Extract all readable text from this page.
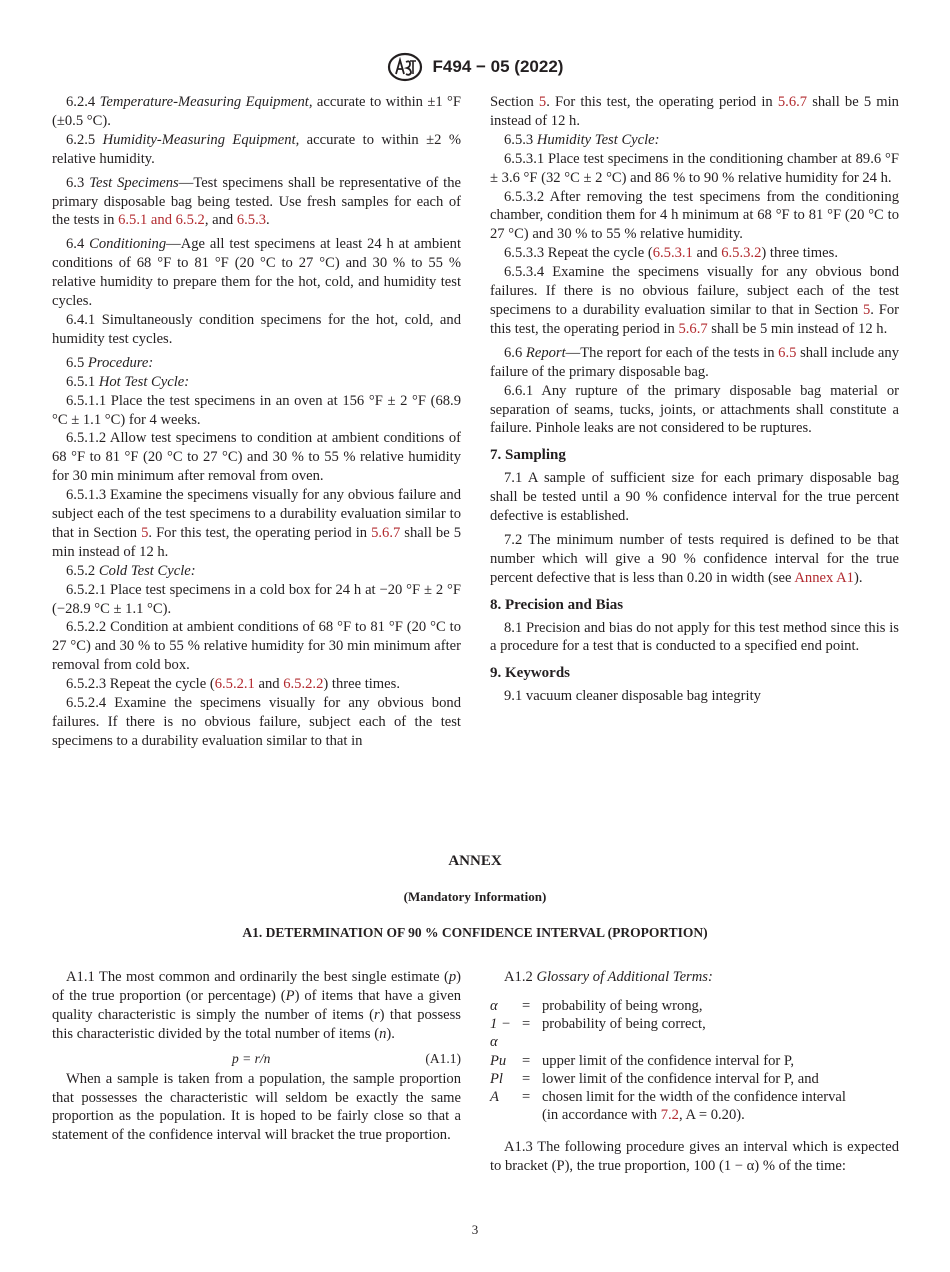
F494 − 05 (2022)

6.2.4 Temperature-Measuring Equipment, accurate to within ±1 °F (±0.5 °C).

6.2.5 Humidity-Measuring Equipment, accurate to within ±2 % relative humidity.

6.3 Test Specimens—Test specimens shall be representative of the primary disposable bag being tested. Use fresh samples for each of the tests in 6.5.1 and 6.5.2, and 6.5.3.

6.4 Conditioning—Age all test specimens at least 24 h at ambient conditions of 68 °F to 81 °F (20 °C to 27 °C) and 30 % to 55 % relative humidity to prepare them for the hot, cold, and humidity test cycles.

6.4.1 Simultaneously condition specimens for the hot, cold, and humidity test cycles.

6.5 Procedure:

6.5.1 Hot Test Cycle:

6.5.1.1 Place the test specimens in an oven at 156 °F ± 2 °F (68.9 °C ± 1.1 °C) for 4 weeks.

6.5.1.2 Allow test specimens to condition at ambient conditions of 68 °F to 81 °F (20 °C to 27 °C) and 30 % to 55 % relative humidity for 30 min minimum after removal from oven.

6.5.1.3 Examine the specimens visually for any obvious failure and subject each of the test specimens to a durability evaluation similar to that in Section 5. For this test, the operating period in 5.6.7 shall be 5 min instead of 12 h.

6.5.2 Cold Test Cycle:

6.5.2.1 Place test specimens in a cold box for 24 h at −20 °F ± 2 °F (−28.9 °C ± 1.1 °C).

6.5.2.2 Condition at ambient conditions of 68 °F to 81 °F (20 °C to 27 °C) and 30 % to 55 % relative humidity for 30 min minimum after removal from cold box.

6.5.2.3 Repeat the cycle (6.5.2.1 and 6.5.2.2) three times.

6.5.2.4 Examine the specimens visually for any obvious bond failures. If there is no obvious failure, subject each of the test specimens to a durability evaluation similar to that in

Section 5. For this test, the operating period in 5.6.7 shall be 5 min instead of 12 h.

6.5.3 Humidity Test Cycle:

6.5.3.1 Place test specimens in the conditioning chamber at 89.6 °F ± 3.6 °F (32 °C ± 2 °C) and 86 % to 90 % relative humidity for 24 h.

6.5.3.2 After removing the test specimens from the conditioning chamber, condition them for 4 h minimum at 68 °F to 81 °F (20 °C to 27 °C) and 30 % to 55 % relative humidity.

6.5.3.3 Repeat the cycle (6.5.3.1 and 6.5.3.2) three times.

6.5.3.4 Examine the specimens visually for any obvious bond failures. If there is no obvious failure, subject each of the test specimens to a durability evaluation similar to that in Section 5. For this test, the operating period in 5.6.7 shall be 5 min instead of 12 h.

6.6 Report—The report for each of the tests in 6.5 shall include any failure of the primary disposable bag.

6.6.1 Any rupture of the primary disposable bag material or separation of seams, tucks, joints, or attachments shall constitute a failure. Pinhole leaks are not considered to be ruptures.

7. Sampling

7.1 A sample of sufficient size for each primary disposable bag shall be tested until a 90 % confidence interval for the true percent defective is established.

7.2 The minimum number of tests required is defined to be that number which will give a 90 % confidence interval for the true percent defective that is less than 0.20 in width (see Annex A1).

8. Precision and Bias

8.1 Precision and bias do not apply for this test method since this is a procedure for a test that is conducted to a specified end point.

9. Keywords

9.1 vacuum cleaner disposable bag integrity

ANNEX
(Mandatory Information)
A1. DETERMINATION OF 90 % CONFIDENCE INTERVAL (PROPORTION)

A1.1 The most common and ordinarily the best single estimate (p) of the true proportion (or percentage) (P) of items that have a given quality characteristic is simply the number of items (r) that possess this characteristic divided by the total number of items (n).

p = r/n	(A1.1)

When a sample is taken from a population, the sample proportion that possesses the characteristic will seldom be exactly the same proportion as the population. It is hoped to be fairly close so that a statement of the confidence interval will bracket the true proportion.

A1.2 Glossary of Additional Terms:

α	= probability of being wrong,
1 − α
= probability of being correct,
Pu	= upper limit of the confidence interval for P,
Pl	= lower limit of the confidence interval for P, and
A	= chosen limit for the width of the confidence interval
(in accordance with 7.2, A = 0.20).

A1.3 The following procedure gives an interval which is expected to bracket (P), the true proportion, 100 (1 − α) % of the time:

3
